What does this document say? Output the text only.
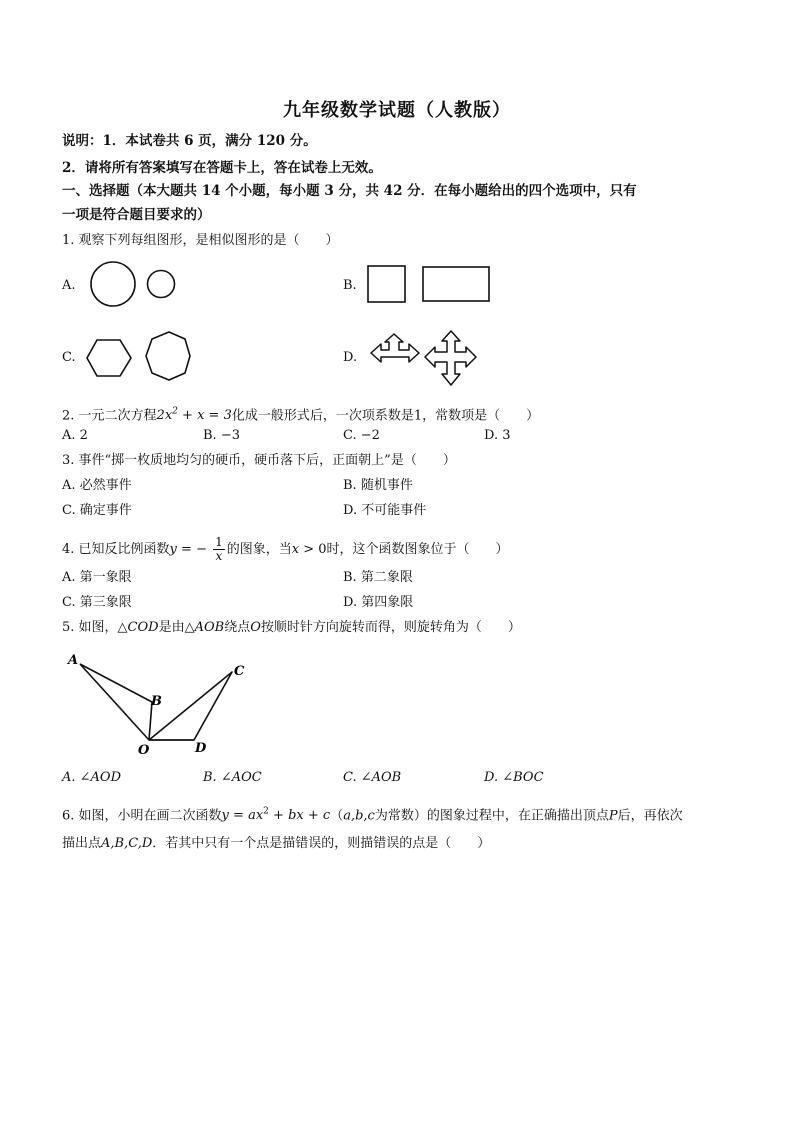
九年级数学试题（人教版）
说明：1．本试卷共 6 页，满分 120 分。
2．请将所有答案填写在答题卡上，答在试卷上无效。
一、选择题（本大题共 14 个小题，每小题 3 分，共 42 分．在每小题给出的四个选项中，只有
一项是符合题目要求的）
1. 观察下列每组图形，是相似图形的是（　　）
A.	B.
C.	D.
2. 一元二次方程$2x^2 + x = 3$化成一般形式后，一次项系数是1，常数项是（　　）
A. 2	B. −3	C. −2	D. 3
3. 事件“掷一枚质地均匀的硬币，硬币落下后，正面朝上”是（　　）
A. 必然事件	B. 随机事件
C. 确定事件	D. 不可能事件
4. 已知反比例函数y = − $\frac{1}{x}$ 的图象，当x > 0时，这个函数图象位于（　　）
A. 第一象限	B. 第二象限
C. 第三象限	D. 第四象限
5. 如图，△COD是由△AOB绕点O按顺时针方向旋转而得，则旋转角为（　　）
A
B
C
O	D
A. ∠AOD	B. ∠AOC	C. ∠AOB	D. ∠BOC
6. 如图，小明在画二次函数$y = ax^2$ + bx + c（a,b,c为常数）的图象过程中，在正确描出顶点P后，再依次
描出点A,B,C,D．若其中只有一个点是描错误的，则描错误的点是（　　）
